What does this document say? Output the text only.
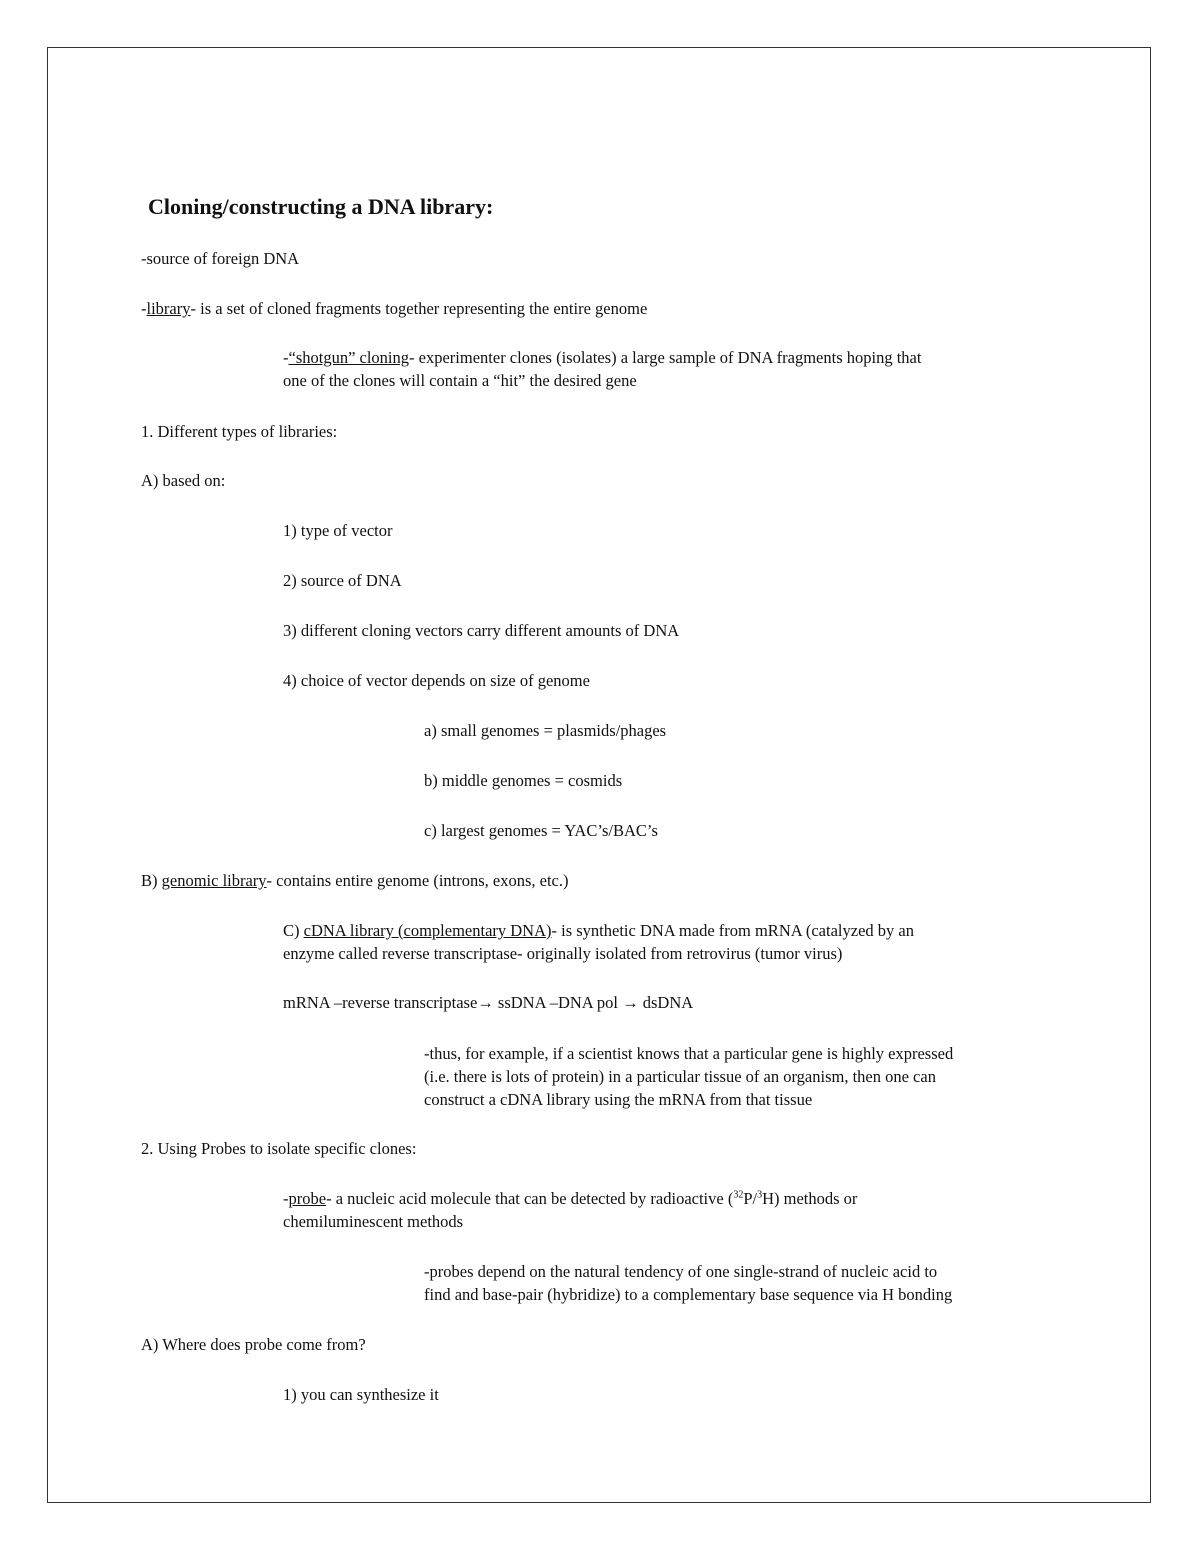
Cloning/constructing a DNA library:
-source of foreign DNA
-library- is a set of cloned fragments together representing the entire genome
-“shotgun” cloning- experimenter clones (isolates) a large sample of DNA fragments hoping that
one of the clones will contain a “hit” the desired gene
1. Different types of libraries:
A) based on:
1) type of vector
2) source of DNA
3) different cloning vectors carry different amounts of DNA
4) choice of vector depends on size of genome
a) small genomes = plasmids/phages
b) middle genomes = cosmids
c) largest genomes = YAC’s/BAC’s
B) genomic library- contains entire genome (introns, exons, etc.)
C) cDNA library (complementary DNA)- is synthetic DNA made from mRNA (catalyzed by an
enzyme called reverse transcriptase- originally isolated from retrovirus (tumor virus)
mRNA –reverse transcriptase→ ssDNA –DNA pol → dsDNA
-thus, for example, if a scientist knows that a particular gene is highly expressed
(i.e. there is lots of protein) in a particular tissue of an organism, then one can
construct a cDNA library using the mRNA from that tissue
2. Using Probes to isolate specific clones:
-probe- a nucleic acid molecule that can be detected by radioactive ($^{32}$P/$^3$H) methods or
chemiluminescent methods
-probes depend on the natural tendency of one single-strand of nucleic acid to
find and base-pair (hybridize) to a complementary base sequence via H bonding
A) Where does probe come from?
1) you can synthesize it
